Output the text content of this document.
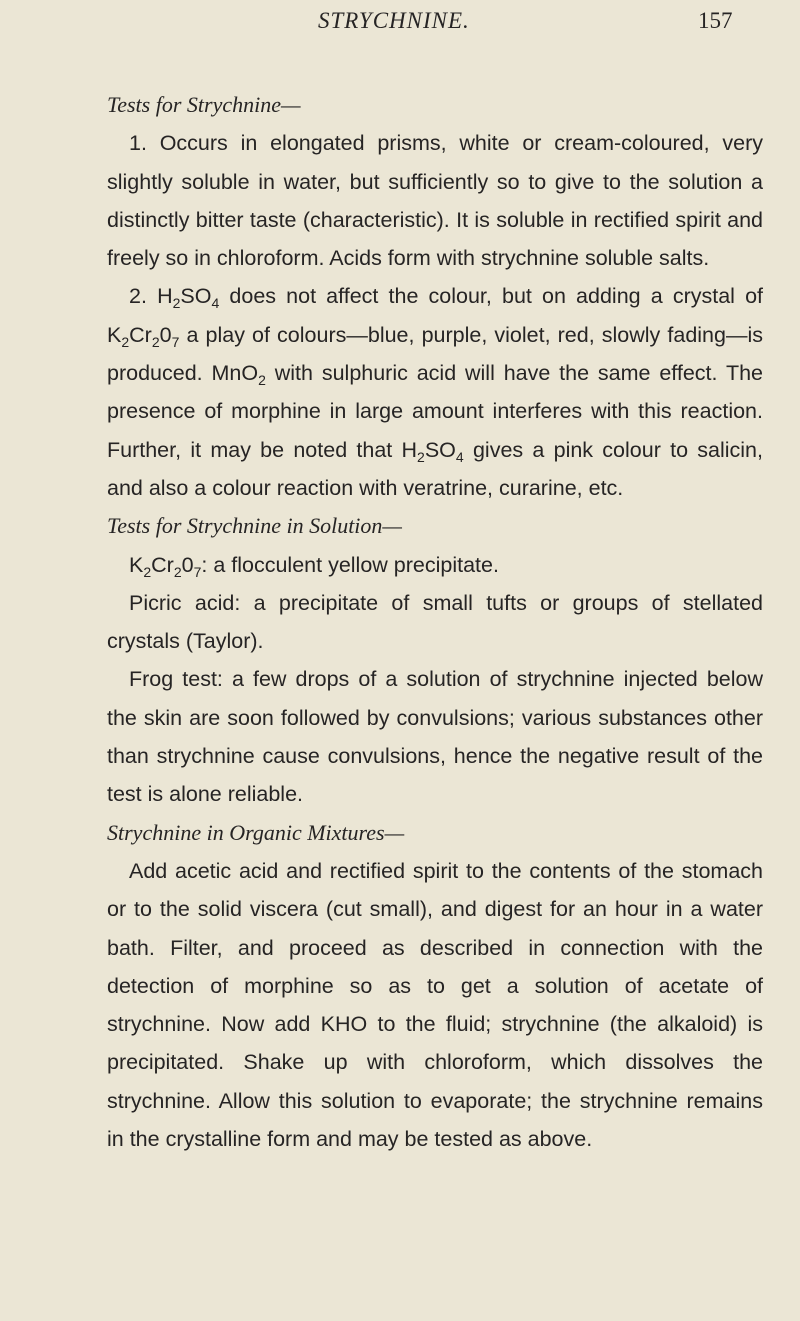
STRYCHNINE.	157

Tests for Strychnine—

1. Occurs in elongated prisms, white or cream-coloured, very slightly soluble in water, but sufficiently so to give to the solution a distinctly bitter taste (characteristic). It is soluble in rectified spirit and freely so in chloroform. Acids form with strychnine soluble salts.

2. $H_2SO_4$ does not affect the colour, but on adding a crystal of $K_2Cr_20_7$ a play of colours—blue, purple, violet, red, slowly fading—is produced. MnO$_2$ with sulphuric acid will have the same effect. The presence of morphine in large amount interferes with this reaction. Further, it may be noted that $H_2SO_4$ gives a pink colour to salicin, and also a colour reaction with veratrine, curarine, etc.

Tests for Strychnine in Solution—

$K_2Cr_20_7$: a flocculent yellow precipitate.

Picric acid: a precipitate of small tufts or groups of stellated crystals (Taylor).

Frog test: a few drops of a solution of strychnine injected below the skin are soon followed by convulsions; various substances other than strychnine cause convulsions, hence the negative result of the test is alone reliable.

Strychnine in Organic Mixtures—

Add acetic acid and rectified spirit to the contents of the stomach or to the solid viscera (cut small), and digest for an hour in a water bath. Filter, and proceed as described in connection with the detection of morphine so as to get a solution of acetate of strychnine. Now add KHO to the fluid; strychnine (the alkaloid) is precipitated. Shake up with chloroform, which dissolves the strychnine. Allow this solution to evaporate; the strychnine remains in the crystalline form and may be tested as above.
